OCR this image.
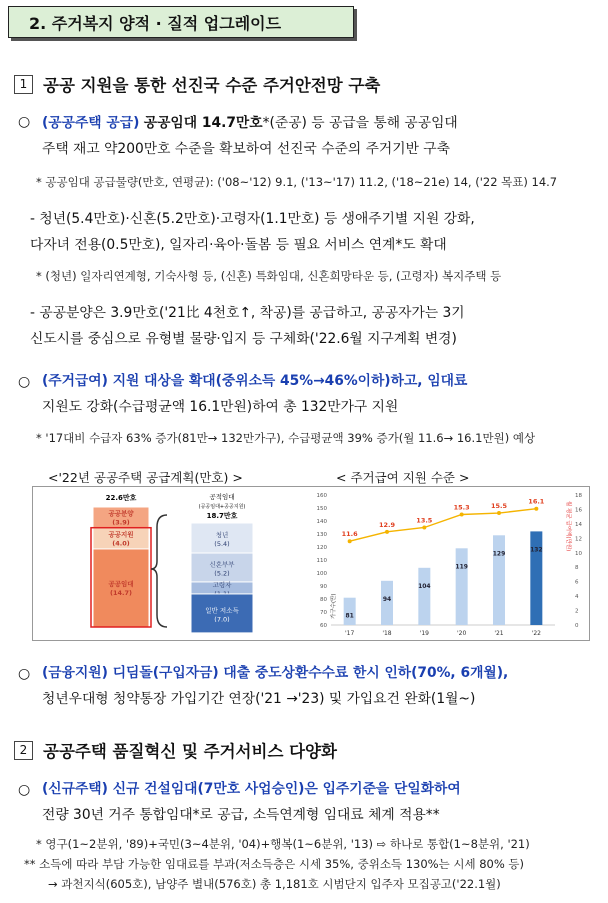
2. 주거복지 양적 · 질적 업그레이드
1 공공 지원을 통한 선진국 수준 주거안전망 구축
○ (공공주택 공급) 공공임대 14.7만호*(준공) 등 공급을 통해 공공임대
주택 재고 약200만호 수준을 확보하여 선진국 수준의 주거기반 구축
* 공공임대 공급물량(만호, 연평균): ('08~'12) 9.1, ('13~'17) 11.2, ('18~21e) 14, ('22 목표) 14.7
- 청년(5.4만호)·신혼(5.2만호)·고령자(1.1만호) 등 생애주기별 지원 강화,
다자녀 전용(0.5만호), 일자리·육아·돌봄 등 필요 서비스 연계*도 확대
* (청년) 일자리연계형, 기숙사형 등, (신혼) 특화임대, 신혼희망타운 등, (고령자) 복지주택 등
- 공공분양은 3.9만호('21比 4천호↑, 착공)를 공급하고, 공공자가는 3기
신도시를 중심으로 유형별 물량·입지 등 구체화('22.6월 지구계획 변경)
○ (주거급여) 지원 대상을 확대(중위소득 45%→46%이하)하고, 임대료
지원도 강화(수급평균액 16.1만원)하여 총 132만가구 지원
* '17대비 수급자 63% 증가(81만→ 132만가구), 수급평균액 39% 증가(월 11.6→ 16.1만원) 예상
<'22년 공공주택 공급계획(만호) >	< 주거급여 지원 수준 >
22.6만호
공공분양
(3.9)
공공지원
(4.0)
공공임대
(14.7)
공적임대
(공공임대+공공지원)
18.7만호
청년
(5.4)
신혼부부
(5.2)
고령자
일반 저소득
(7.0)
60
70
80
90
100
110
120
130
140
150
160
0
2
4
6
8
10
12
14
16
18
가구수(만)
월 평균 급여액(만원)
81
'17
94
'18
104
'19
119
'20
129
'21
132
'22
11.6
12.9
13.5
15.3	15.5
16.1
○ (금융지원) 디딤돌(구입자금) 대출 중도상환수수료 한시 인하(70%, 6개월),
청년우대형 청약통장 가입기간 연장('21 →'23) 및 가입요건 완화(1월~)
2 공공주택 품질혁신 및 주거서비스 다양화
○ (신규주택) 신규 건설임대(7만호 사업승인)은 입주기준을 단일화하여
전량 30년 거주 통합임대*로 공급, 소득연계형 임대료 체계 적용**
* 영구(1~2분위, '89)+국민(3~4분위, '04)+행복(1~6분위, '13) ⇨ 하나로 통합(1~8분위, '21)
** 소득에 따라 부담 가능한 임대료를 부과(저소득층은 시세 35%, 중위소득 130%는 시세 80% 등)
→ 과천지식(605호), 남양주 별내(576호) 총 1,181호 시범단지 입주자 모집공고('22.1월)
